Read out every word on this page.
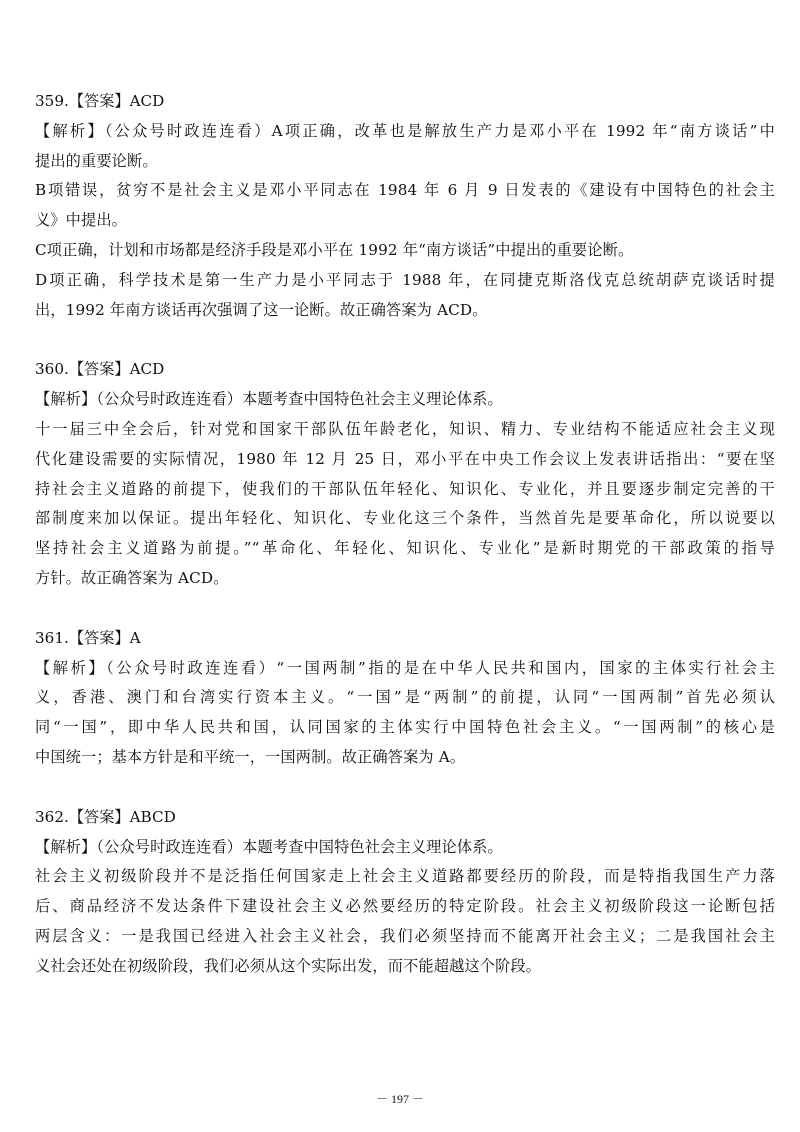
359.【答案】ACD
【解析】（公众号时政连连看）A项正确，改革也是解放生产力是邓小平在 1992 年“南方谈话”中
提出的重要论断。
B项错误，贫穷不是社会主义是邓小平同志在 1984 年 6 月 9 日发表的《建设有中国特色的社会主
义》中提出。
C项正确，计划和市场都是经济手段是邓小平在 1992 年“南方谈话”中提出的重要论断。
D项正确，科学技术是第一生产力是小平同志于 1988 年，在同捷克斯洛伐克总统胡萨克谈话时提
出，1992 年南方谈话再次强调了这一论断。故正确答案为 ACD。
360.【答案】ACD
【解析】（公众号时政连连看）本题考查中国特色社会主义理论体系。
十一届三中全会后，针对党和国家干部队伍年龄老化，知识、精力、专业结构不能适应社会主义现
代化建设需要的实际情况，1980 年 12 月 25 日，邓小平在中央工作会议上发表讲话指出：“要在坚
持社会主义道路的前提下，使我们的干部队伍年轻化、知识化、专业化，并且要逐步制定完善的干
部制度来加以保证。提出年轻化、知识化、专业化这三个条件，当然首先是要革命化，所以说要以
坚持社会主义道路为前提。”“革命化、年轻化、知识化、专业化”是新时期党的干部政策的指导
方针。故正确答案为 ACD。
361.【答案】A
【解析】（公众号时政连连看）“一国两制”指的是在中华人民共和国内，国家的主体实行社会主
义，香港、澳门和台湾实行资本主义。“一国”是“两制”的前提，认同“一国两制”首先必须认
同“一国”，即中华人民共和国，认同国家的主体实行中国特色社会主义。“一国两制”的核心是
中国统一；基本方针是和平统一，一国两制。故正确答案为 A。
362.【答案】ABCD
【解析】（公众号时政连连看）本题考查中国特色社会主义理论体系。
社会主义初级阶段并不是泛指任何国家走上社会主义道路都要经历的阶段，而是特指我国生产力落
后、商品经济不发达条件下建设社会主义必然要经历的特定阶段。社会主义初级阶段这一论断包括
两层含义：一是我国已经进入社会主义社会，我们必须坚持而不能离开社会主义；二是我国社会主
义社会还处在初级阶段，我们必须从这个实际出发，而不能超越这个阶段。
－ 197 －
